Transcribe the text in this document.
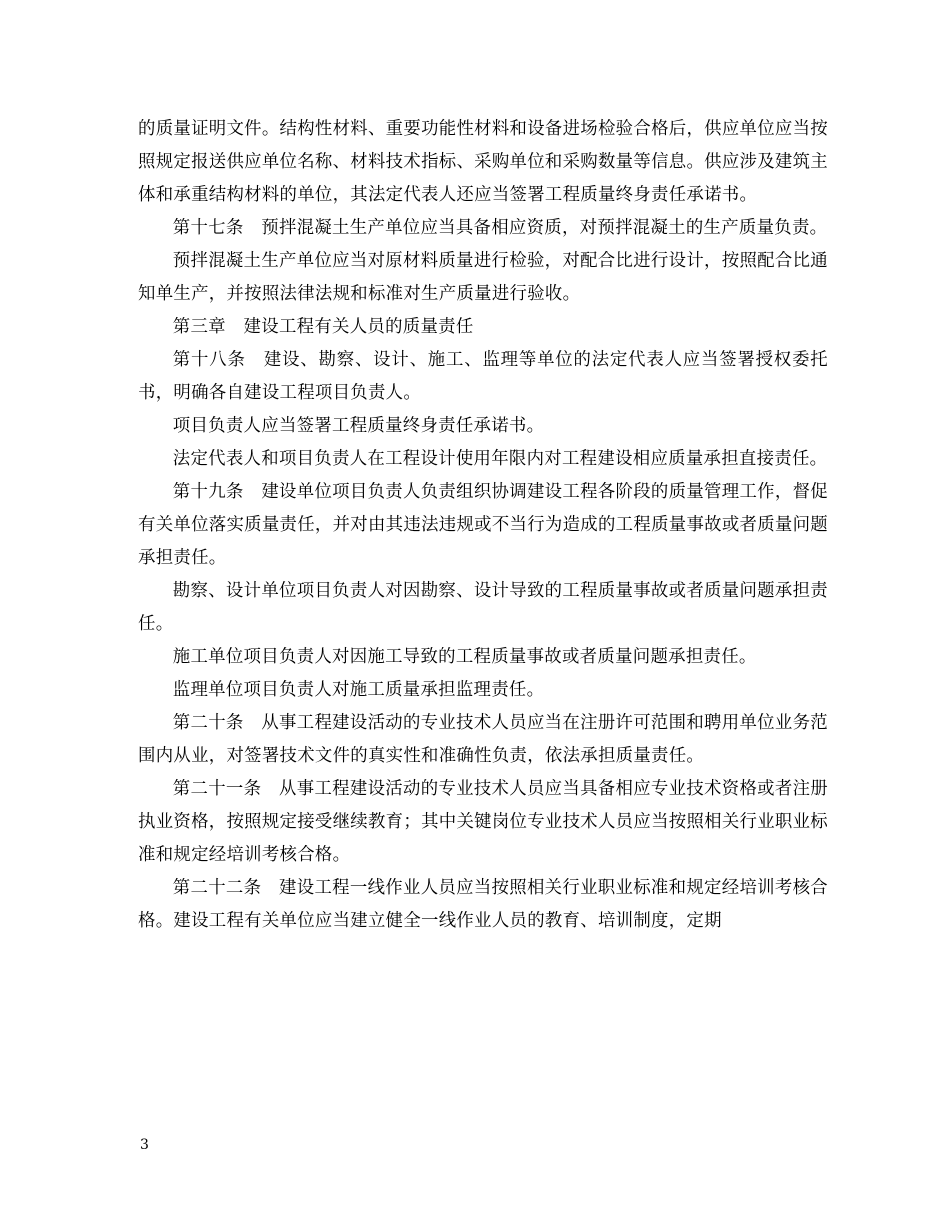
的质量证明文件。结构性材料、重要功能性材料和设备进场检验合格后，供应单位应当按照规定报送供应单位名称、材料技术指标、采购单位和采购数量等信息。供应涉及建筑主体和承重结构材料的单位，其法定代表人还应当签署工程质量终身责任承诺书。

第十七条　预拌混凝土生产单位应当具备相应资质，对预拌混凝土的生产质量负责。

预拌混凝土生产单位应当对原材料质量进行检验，对配合比进行设计，按照配合比通知单生产，并按照法律法规和标准对生产质量进行验收。

第三章　建设工程有关人员的质量责任

第十八条　建设、勘察、设计、施工、监理等单位的法定代表人应当签署授权委托书，明确各自建设工程项目负责人。

项目负责人应当签署工程质量终身责任承诺书。

法定代表人和项目负责人在工程设计使用年限内对工程建设相应质量承担直接责任。

第十九条　建设单位项目负责人负责组织协调建设工程各阶段的质量管理工作，督促有关单位落实质量责任，并对由其违法违规或不当行为造成的工程质量事故或者质量问题承担责任。

勘察、设计单位项目负责人对因勘察、设计导致的工程质量事故或者质量问题承担责任。

施工单位项目负责人对因施工导致的工程质量事故或者质量问题承担责任。

监理单位项目负责人对施工质量承担监理责任。

第二十条　从事工程建设活动的专业技术人员应当在注册许可范围和聘用单位业务范围内从业，对签署技术文件的真实性和准确性负责，依法承担质量责任。

第二十一条　从事工程建设活动的专业技术人员应当具备相应专业技术资格或者注册执业资格，按照规定接受继续教育；其中关键岗位专业技术人员应当按照相关行业职业标准和规定经培训考核合格。

第二十二条　建设工程一线作业人员应当按照相关行业职业标准和规定经培训考核合格。建设工程有关单位应当建立健全一线作业人员的教育、培训制度，定期

3
